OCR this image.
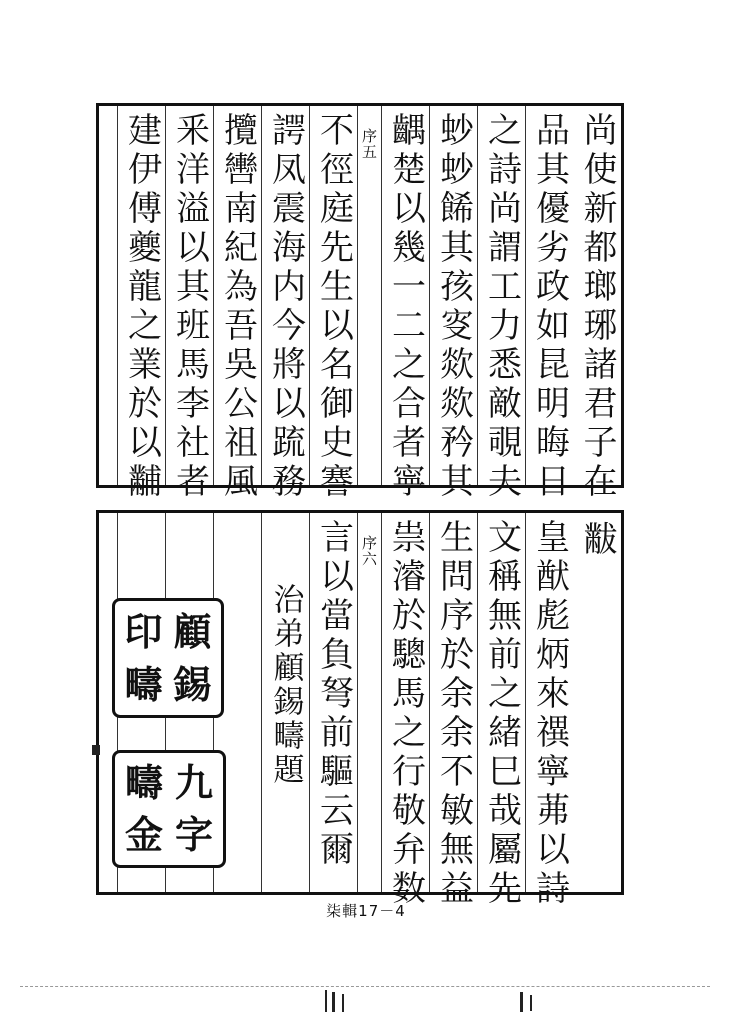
尚使新都瑯琊諸君子在
品其優劣政如昆明晦日
之詩尚謂工力悉敵覗夫
䖢䖢餙其孩叜欻欻矜其
齵楚以幾一二之合者寧
序五
不徑庭先生以名御史謇
諤凤震海内今將以䟽務
攬轡南紀為吾吳公祖風
釆洋溢以其班馬李社者
建伊傅夔龍之業於以黼
黻
皇猷彪炳來禩寧茀以詩
文稱無前之緒巳哉屬先
生問序於余余不敏無益
祟濬於驄馬之行敬弁数
序六
言以當負弩前驅云爾
治弟顧錫疇題
顧
印
錫
疇
九
疇
字
金
柒輯17－4
